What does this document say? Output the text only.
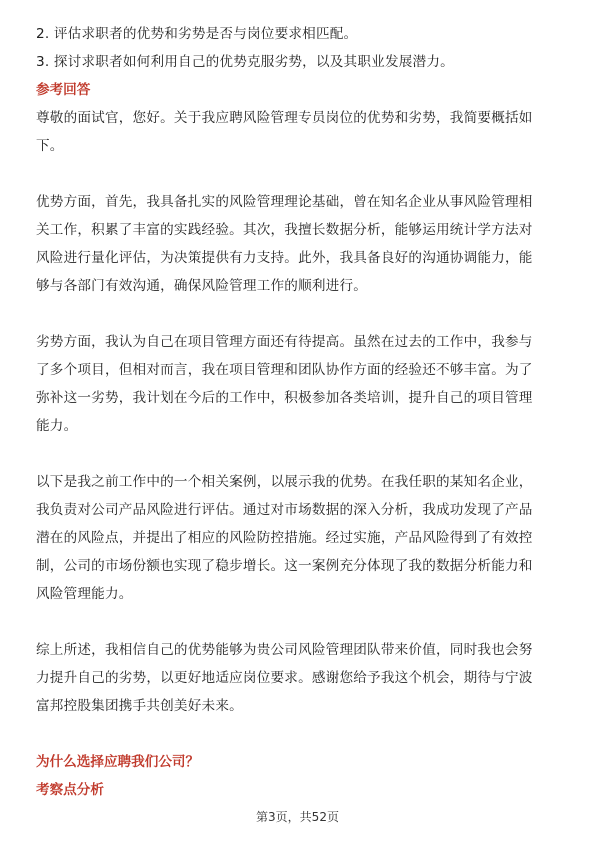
2. 评估求职者的优势和劣势是否与岗位要求相匹配。
3. 探讨求职者如何利用自己的优势克服劣势，以及其职业发展潜力。
参考回答
尊敬的面试官，您好。关于我应聘风险管理专员岗位的优势和劣势，我简要概括如
下。
优势方面，首先，我具备扎实的风险管理理论基础，曾在知名企业从事风险管理相
关工作，积累了丰富的实践经验。其次，我擅长数据分析，能够运用统计学方法对
风险进行量化评估，为决策提供有力支持。此外，我具备良好的沟通协调能力，能
够与各部门有效沟通，确保风险管理工作的顺利进行。
劣势方面，我认为自己在项目管理方面还有待提高。虽然在过去的工作中，我参与
了多个项目，但相对而言，我在项目管理和团队协作方面的经验还不够丰富。为了
弥补这一劣势，我计划在今后的工作中，积极参加各类培训，提升自己的项目管理
能力。
以下是我之前工作中的一个相关案例，以展示我的优势。在我任职的某知名企业，
我负责对公司产品风险进行评估。通过对市场数据的深入分析，我成功发现了产品
潜在的风险点，并提出了相应的风险防控措施。经过实施，产品风险得到了有效控
制，公司的市场份额也实现了稳步增长。这一案例充分体现了我的数据分析能力和
风险管理能力。
综上所述，我相信自己的优势能够为贵公司风险管理团队带来价值，同时我也会努
力提升自己的劣势，以更好地适应岗位要求。感谢您给予我这个机会，期待与宁波
富邦控股集团携手共创美好未来。
为什么选择应聘我们公司？
考察点分析
第3页，共52页
